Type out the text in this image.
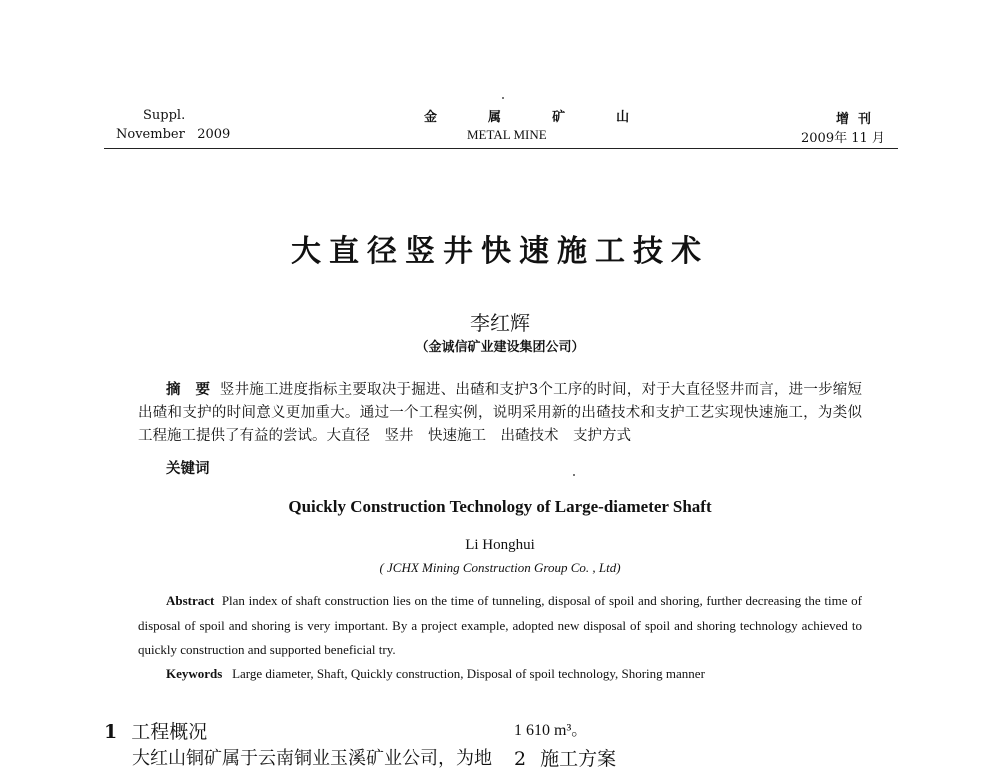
Suppl.
November   2009
金  属  矿  山
METAL MINE
增  刊
2009年 11 月
大直径竖井快速施工技术
李红辉
（金诚信矿业建设集团公司）
摘　要 竖井施工进度指标主要取决于掘进、出碴和支护3个工序的时间，对于大直径竖井而言，进一步缩短出碴和支护的时间意义更加重大。通过一个工程实例，说明采用新的出碴技术和支护工艺实现快速施工，为类似工程施工提供了有益的尝试。大直径　竖井　快速施工　出碴技术　支护方式
关键词
Quickly Construction Technology of Large-diameter Shaft
Li Honghui
( JCHX Mining Construction Group Co. , Ltd)
Abstract Plan index of shaft construction lies on the time of tunneling, disposal of spoil and shoring, further decreasing the time of disposal of spoil and shoring is very important. By a project example, adopted new disposal of spoil and shoring technology achieved to quickly construction and supported beneficial try.
Keywords Large diameter, Shaft, Quickly construction, Disposal of spoil technology, Shoring manner
1 工程概况
大红山铜矿属于云南铜业玉溪矿业公司，为地
1 610 m³。
2 施工方案
